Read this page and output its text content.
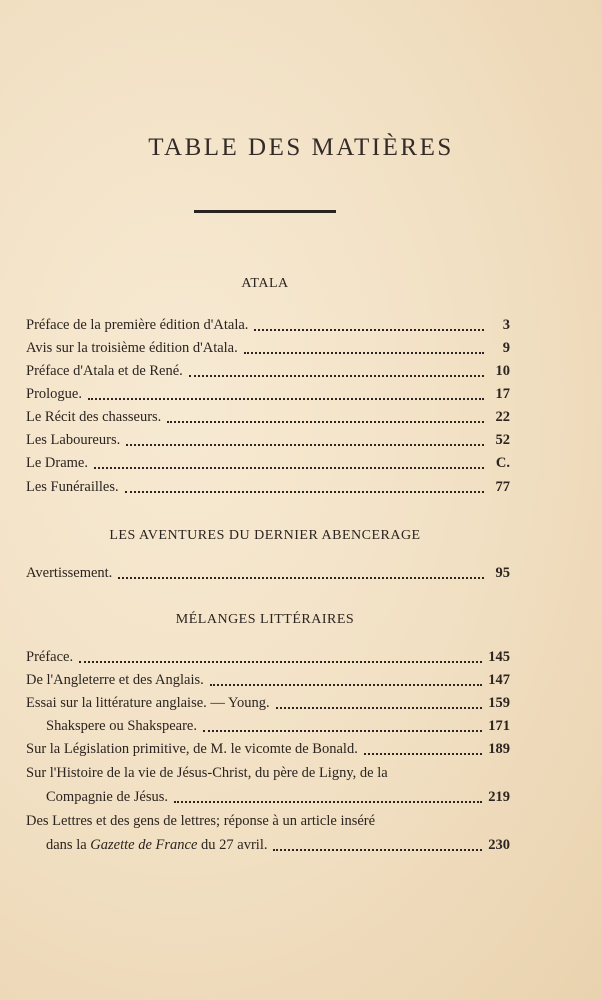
TABLE DES MATIÈRES
ATALA
Préface de la première édition d'Atala.	3
Avis sur la troisième édition d'Atala.	9
Préface d'Atala et de René.	10
Prologue.	17
Le Récit des chasseurs.	22
Les Laboureurs.	52
Le Drame.	C.
Les Funérailles.	77
LES AVENTURES DU DERNIER ABENCERAGE
Avertissement.	95
MÉLANGES LITTÉRAIRES
Préface.	145
De l'Angleterre et des Anglais.	147
Essai sur la littérature anglaise. — Young.	159
Shakspere ou Shakspeare.	171
Sur la Législation primitive, de M. le vicomte de Bonald.	189
Sur l'Histoire de la vie de Jésus-Christ, du père de Ligny, de la
Compagnie de Jésus.	219
Des Lettres et des gens de lettres; réponse à un article inséré
dans la Gazette de France du 27 avril.	230
